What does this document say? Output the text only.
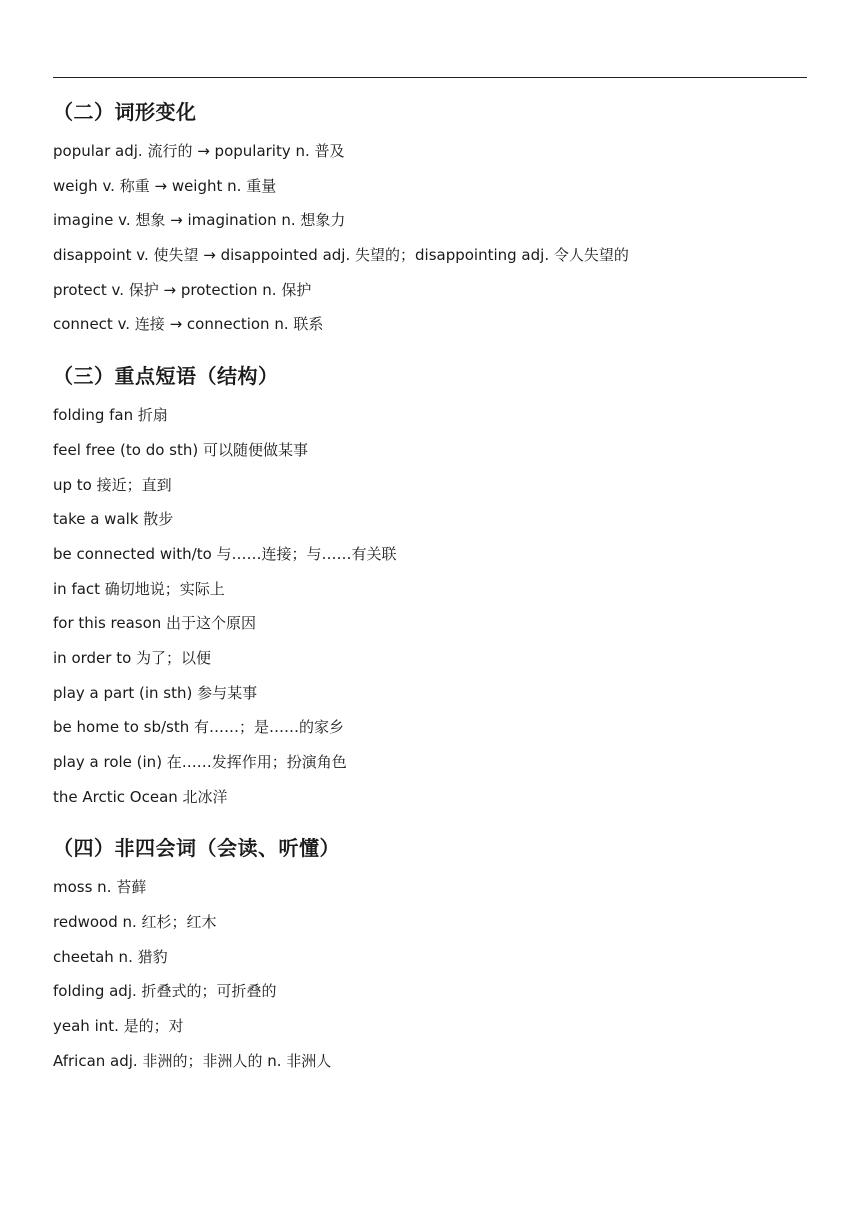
（二）词形变化
popular adj. 流行的 → popularity n. 普及
weigh v. 称重 → weight n. 重量
imagine v. 想象 → imagination n. 想象力
disappoint v. 使失望 → disappointed adj. 失望的；disappointing adj. 令人失望的
protect v. 保护 → protection n. 保护
connect v. 连接 → connection n. 联系
（三）重点短语（结构）
folding fan 折扇
feel free (to do sth) 可以随便做某事
up to 接近；直到
take a walk 散步
be connected with/to 与……连接；与……有关联
in fact 确切地说；实际上
for this reason 出于这个原因
in order to 为了；以便
play a part (in sth) 参与某事
be home to sb/sth 有……；是……的家乡
play a role (in) 在……发挥作用；扮演角色
the Arctic Ocean 北冰洋
（四）非四会词（会读、听懂）
moss n. 苔藓
redwood n. 红杉；红木
cheetah n. 猎豹
folding adj. 折叠式的；可折叠的
yeah int. 是的；对
African adj. 非洲的；非洲人的 n. 非洲人
